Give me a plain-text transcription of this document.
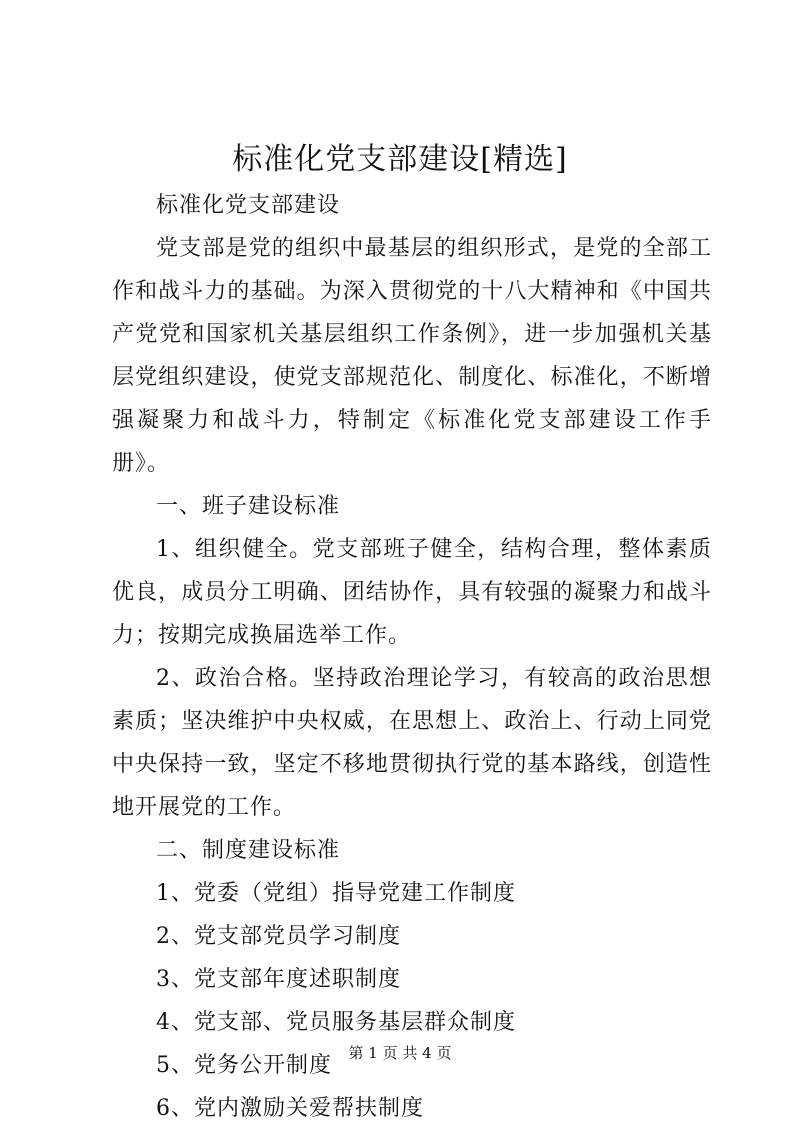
标准化党支部建设[精选]

标准化党支部建设

党支部是党的组织中最基层的组织形式，是党的全部工作和战斗力的基础。为深入贯彻党的十八大精神和《中国共产党党和国家机关基层组织工作条例》，进一步加强机关基层党组织建设，使党支部规范化、制度化、标准化，不断增强凝聚力和战斗力，特制定《标准化党支部建设工作手册》。

一、班子建设标准

1、组织健全。党支部班子健全，结构合理，整体素质优良，成员分工明确、团结协作，具有较强的凝聚力和战斗力；按期完成换届选举工作。

2、政治合格。坚持政治理论学习，有较高的政治思想素质；坚决维护中央权威，在思想上、政治上、行动上同党中央保持一致，坚定不移地贯彻执行党的基本路线，创造性地开展党的工作。

二、制度建设标准

1、党委（党组）指导党建工作制度

2、党支部党员学习制度

3、党支部年度述职制度

4、党支部、党员服务基层群众制度

5、党务公开制度

6、党内激励关爱帮扶制度

第 1 页 共 4 页
